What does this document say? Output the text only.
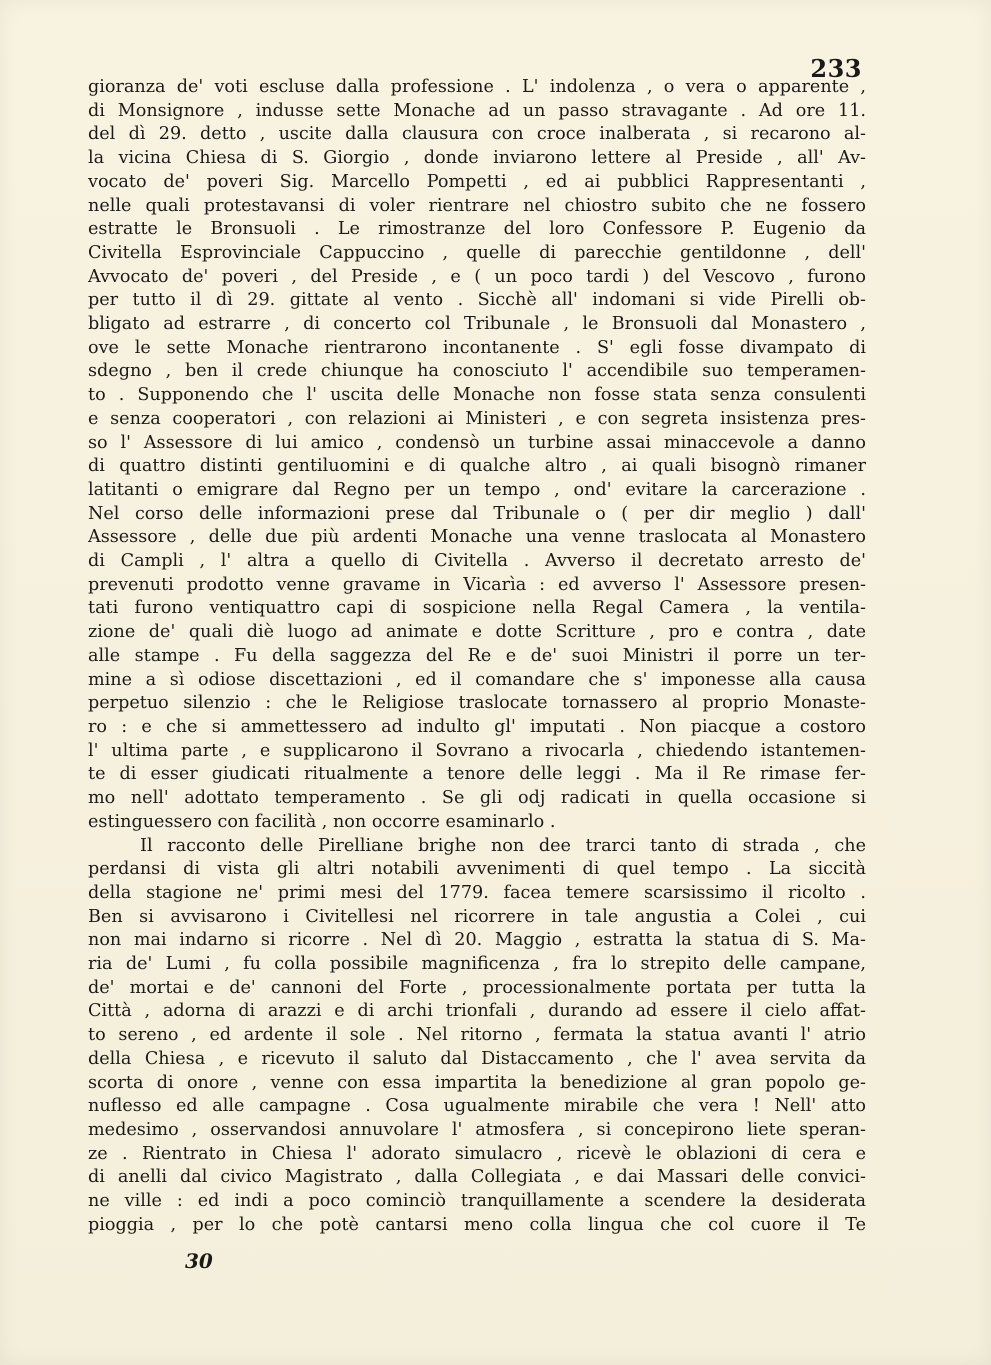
233
gioranza de' voti escluse dalla professione . L' indolenza , o vera o apparente ,
di Monsignore , indusse sette Monache ad un passo stravagante . Ad ore 11.
del dì 29. detto , uscite dalla clausura con croce inalberata , si recarono al-
la vicina Chiesa di S. Giorgio , donde inviarono lettere al Preside , all' Av-
vocato de' poveri Sig. Marcello Pompetti , ed ai pubblici Rappresentanti ,
nelle quali protestavansi di voler rientrare nel chiostro subito che ne fossero
estratte le Bronsuoli . Le rimostranze del loro Confessore P. Eugenio da
Civitella Esprovinciale Cappuccino , quelle di parecchie gentildonne , dell'
Avvocato de' poveri , del Preside , e ( un poco tardi ) del Vescovo , furono
per tutto il dì 29. gittate al vento . Sicchè all' indomani si vide Pirelli ob-
bligato ad estrarre , di concerto col Tribunale , le Bronsuoli dal Monastero ,
ove le sette Monache rientrarono incontanente . S' egli fosse divampato di
sdegno , ben il crede chiunque ha conosciuto l' accendibile suo temperamen-
to . Supponendo che l' uscita delle Monache non fosse stata senza consulenti
e senza cooperatori , con relazioni ai Ministeri , e con segreta insistenza pres-
so l' Assessore di lui amico , condensò un turbine assai minaccevole a danno
di quattro distinti gentiluomini e di qualche altro , ai quali bisognò rimaner
latitanti o emigrare dal Regno per un tempo , ond' evitare la carcerazione .
Nel corso delle informazioni prese dal Tribunale o ( per dir meglio ) dall'
Assessore , delle due più ardenti Monache una venne traslocata al Monastero
di Campli , l' altra a quello di Civitella . Avverso il decretato arresto de'
prevenuti prodotto venne gravame in Vicarìa : ed avverso l' Assessore presen-
tati furono ventiquattro capi di sospicione nella Regal Camera , la ventila-
zione de' quali diè luogo ad animate e dotte Scritture , pro e contra , date
alle stampe . Fu della saggezza del Re e de' suoi Ministri il porre un ter-
mine a sì odiose discettazioni , ed il comandare che s' imponesse alla causa
perpetuo silenzio : che le Religiose traslocate tornassero al proprio Monaste-
ro : e che si ammettessero ad indulto gl' imputati . Non piacque a costoro
l' ultima parte , e supplicarono il Sovrano a rivocarla , chiedendo istantemen-
te di esser giudicati ritualmente a tenore delle leggi . Ma il Re rimase fer-
mo nell' adottato temperamento . Se gli odj radicati in quella occasione si
estinguessero con facilità , non occorre esaminarlo .
Il racconto delle Pirelliane brighe non dee trarci tanto di strada , che
perdansi di vista gli altri notabili avvenimenti di quel tempo . La siccità
della stagione ne' primi mesi del 1779. facea temere scarsissimo il ricolto .
Ben si avvisarono i Civitellesi nel ricorrere in tale angustia a Colei , cui
non mai indarno si ricorre . Nel dì 20. Maggio , estratta la statua di S. Ma-
ria de' Lumi , fu colla possibile magnificenza , fra lo strepito delle campane,
de' mortai e de' cannoni del Forte , processionalmente portata per tutta la
Città , adorna di arazzi e di archi trionfali , durando ad essere il cielo affat-
to sereno , ed ardente il sole . Nel ritorno , fermata la statua avanti l' atrio
della Chiesa , e ricevuto il saluto dal Distaccamento , che l' avea servita da
scorta di onore , venne con essa impartita la benedizione al gran popolo ge-
nuflesso ed alle campagne . Cosa ugualmente mirabile che vera ! Nell' atto
medesimo , osservandosi annuvolare l' atmosfera , si concepirono liete speran-
ze . Rientrato in Chiesa l' adorato simulacro , ricevè le oblazioni di cera e
di anelli dal civico Magistrato , dalla Collegiata , e dai Massari delle convici-
ne ville : ed indi a poco cominciò tranquillamente a scendere la desiderata
pioggia , per lo che potè cantarsi meno colla lingua che col cuore il Te
30
